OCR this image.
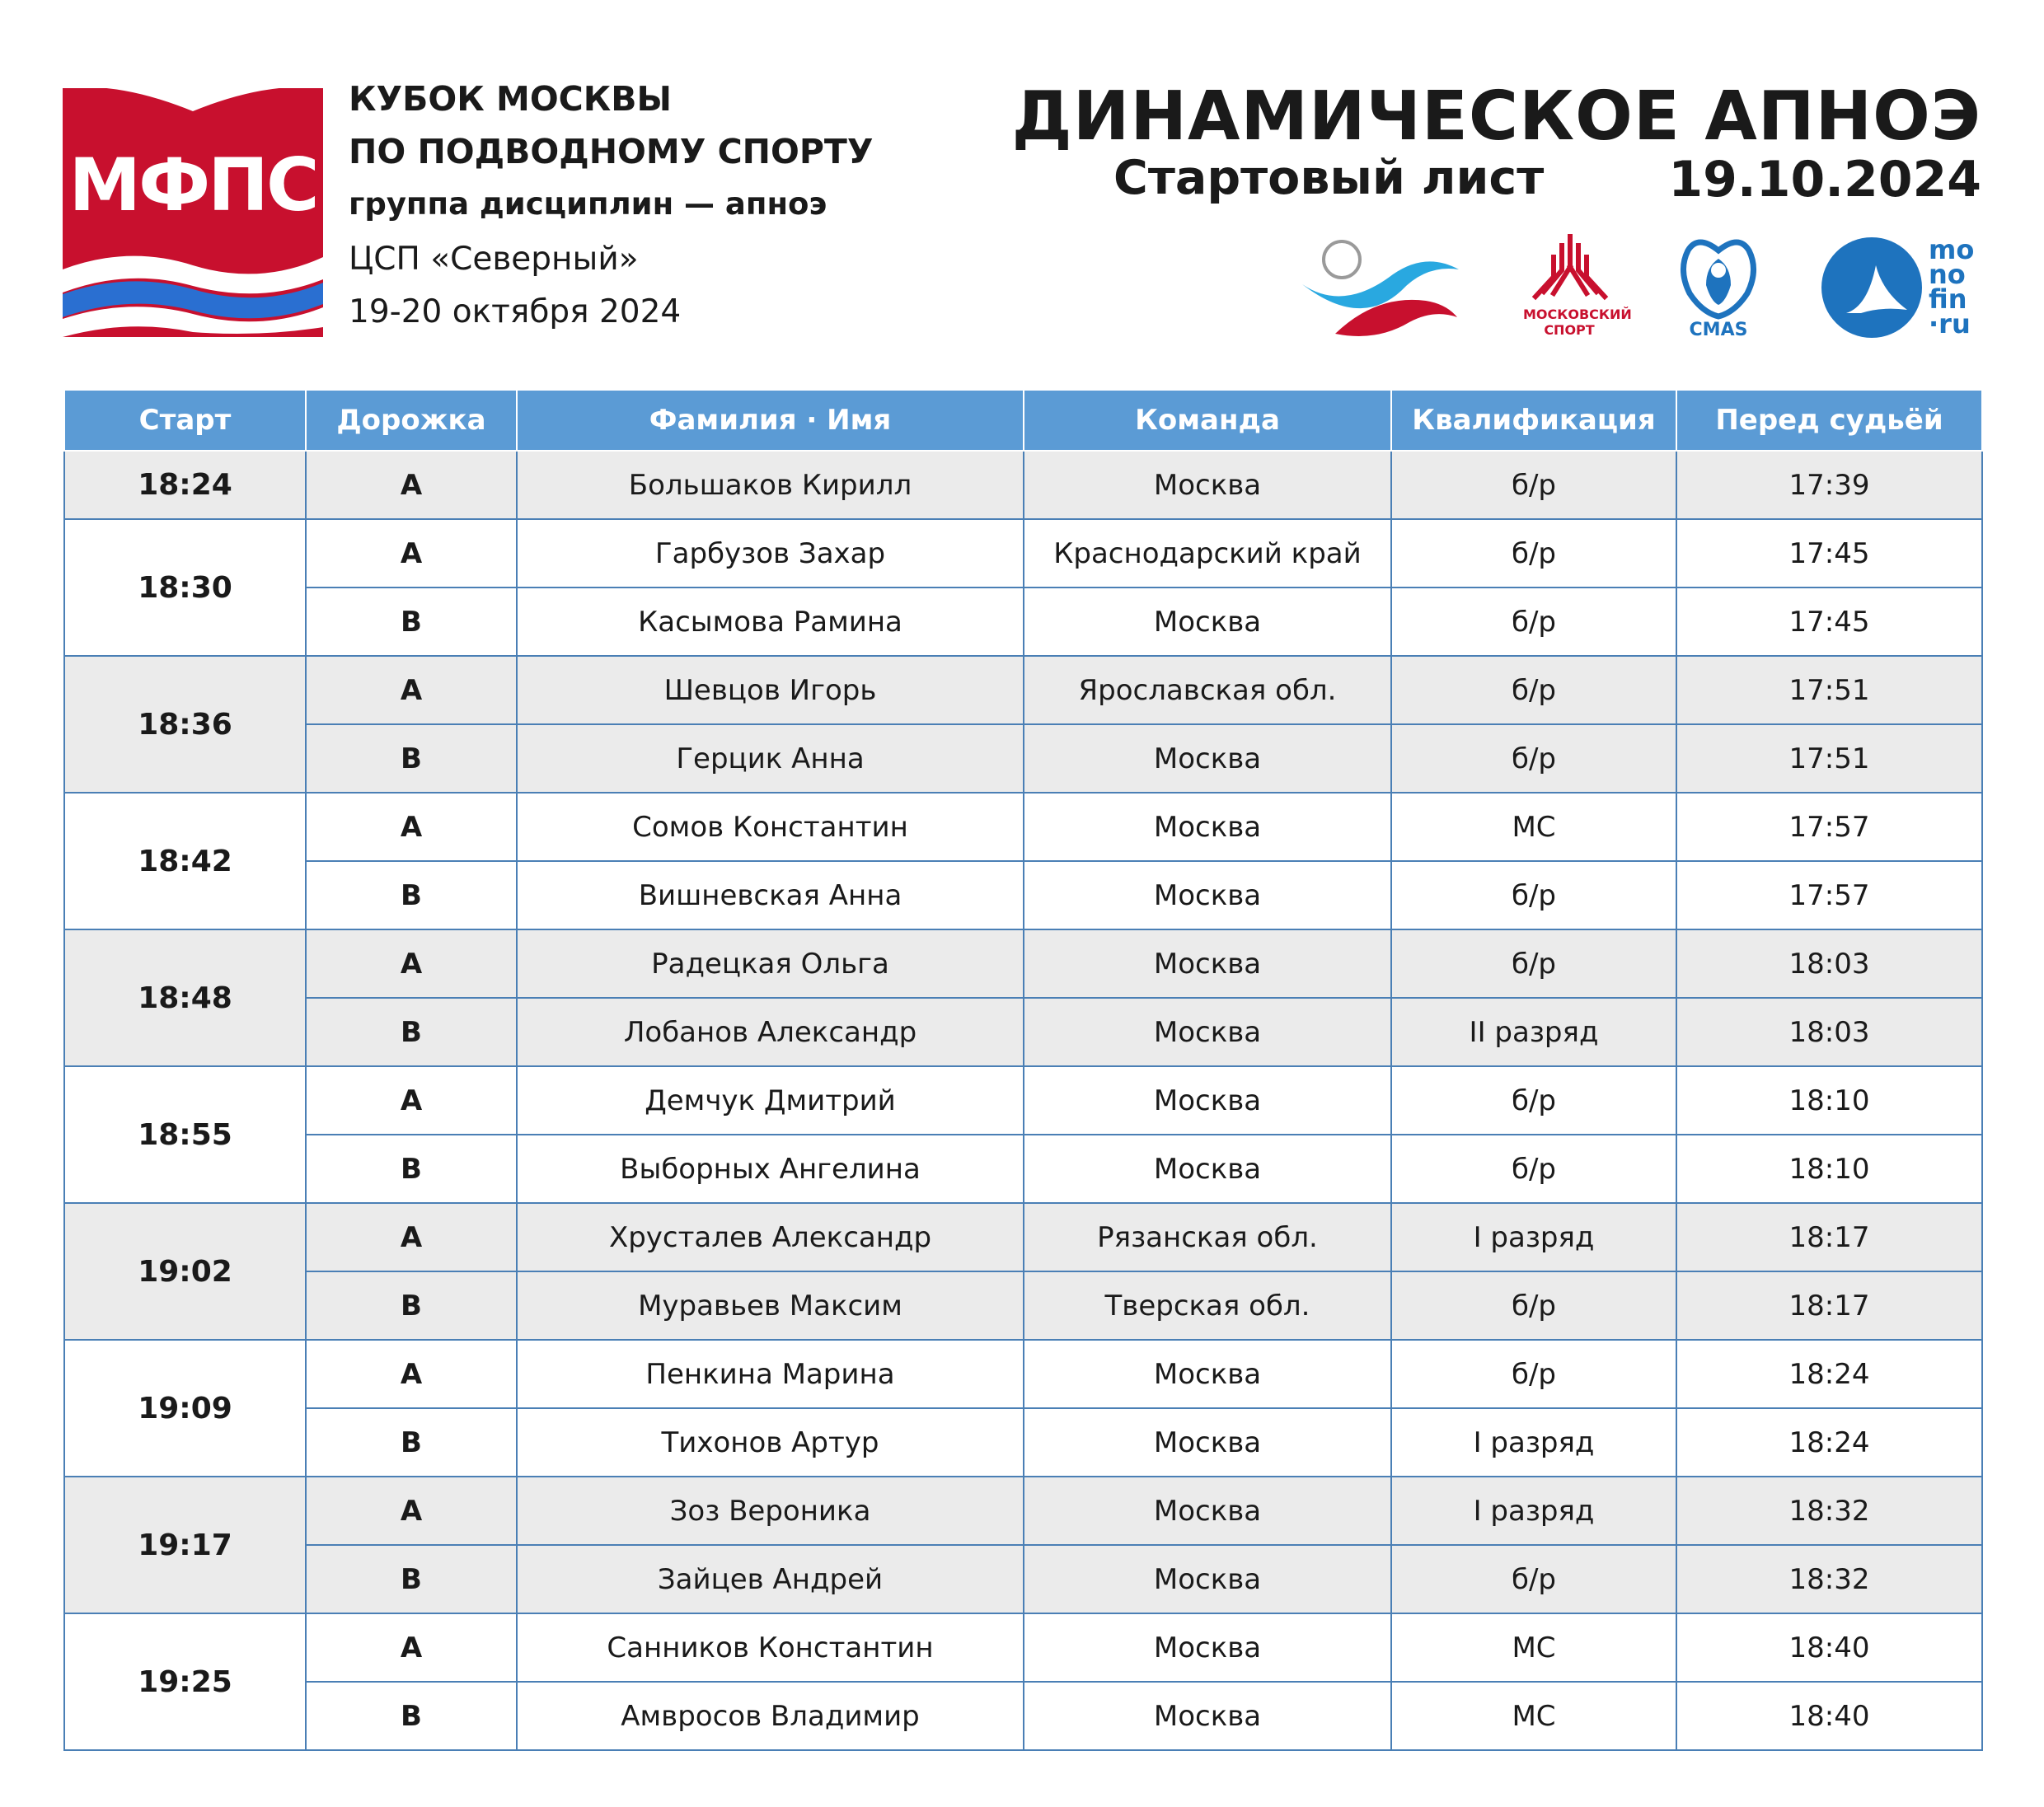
МФПС
КУБОК МОСКВЫ
ПО ПОДВОДНОМУ СПОРТУ
группа дисциплин — апноэ
ЦСП «Северный»
19-20 октября 2024
ДИНАМИЧЕСКОЕ АПНОЭ
Стартовый лист	19.10.2024
МОСКОВСКИЙ СПОРТ	CMAS
mo
no
fin
·ru
Старт	Дорожка	Фамилия · Имя	Команда	Квалификация	Перед судьёй
18:24	A	Большаков Кирилл	Москва	б/р	17:39
18:30	A	Гарбузов Захар	Краснодарский край	б/р	17:45
	B	Касымова Рамина	Москва	б/р	17:45
18:36	A	Шевцов Игорь	Ярославская обл.	б/р	17:51
	B	Герцик Анна	Москва	б/р	17:51
18:42	A	Сомов Константин	Москва	МС	17:57
	B	Вишневская Анна	Москва	б/р	17:57
18:48	A	Радецкая Ольга	Москва	б/р	18:03
	B	Лобанов Александр	Москва	II разряд	18:03
18:55	A	Демчук Дмитрий	Москва	б/р	18:10
	B	Выборных Ангелина	Москва	б/р	18:10
19:02	A	Хрусталев Александр	Рязанская обл.	I разряд	18:17
	B	Муравьев Максим	Тверская обл.	б/р	18:17
19:09	A	Пенкина Марина	Москва	б/р	18:24
	B	Тихонов Артур	Москва	I разряд	18:24
19:17	A	Зоз Вероника	Москва	I разряд	18:32
	B	Зайцев Андрей	Москва	б/р	18:32
19:25	A	Санников Константин	Москва	МС	18:40
	B	Амвросов Владимир	Москва	МС	18:40
